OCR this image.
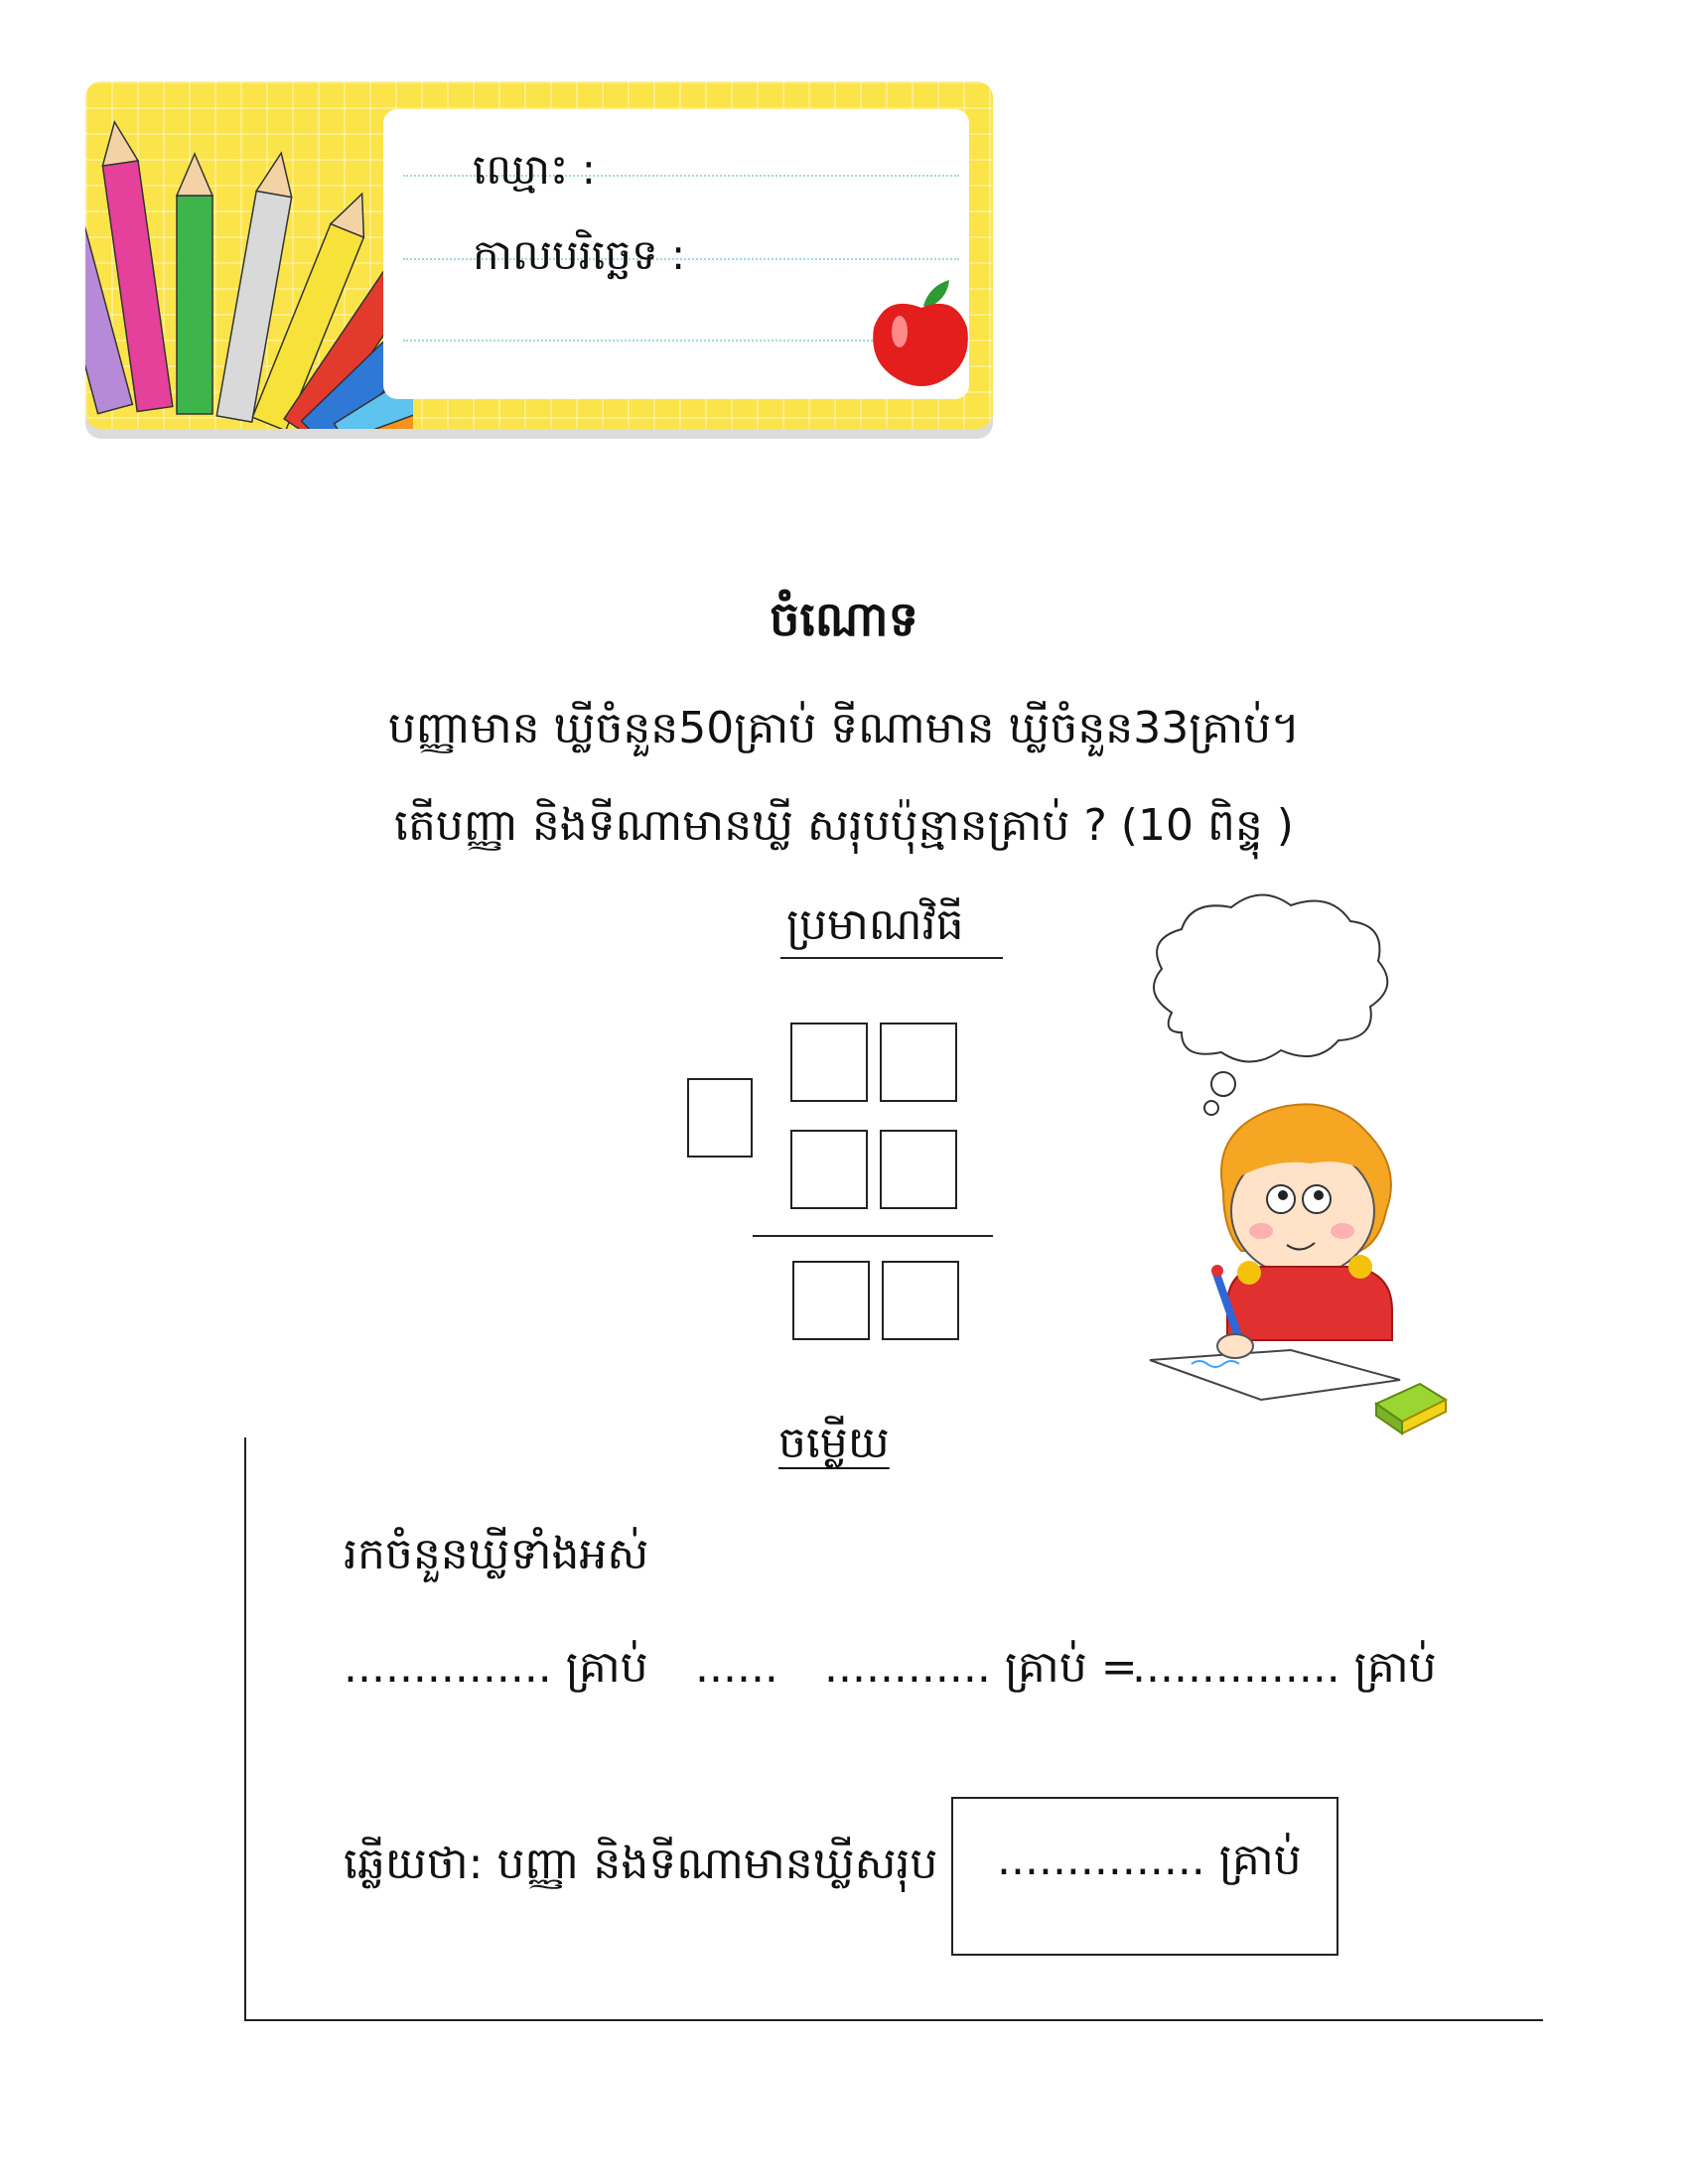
ឈ្មោះ :
កាលបរិច្ឆេទ :
ចំណោទ
បញ្ញាមាន ឃ្លីចំនួន50គ្រាប់ ទីណាមាន ឃ្លីចំនួន33គ្រាប់។
តើបញ្ញា និងទីណាមានឃ្លី សរុបប៉ុន្មានគ្រាប់ ? (10 ពិន្ទុ )
ប្រមាណវិធី
ចម្លើយ
រកចំនួនឃ្លីទាំងអស់
............... គ្រាប់ ...... ............ គ្រាប់ =
............... គ្រាប់
ឆ្លើយថា: បញ្ញា និងទីណាមានឃ្លីសរុប ............... គ្រាប់
